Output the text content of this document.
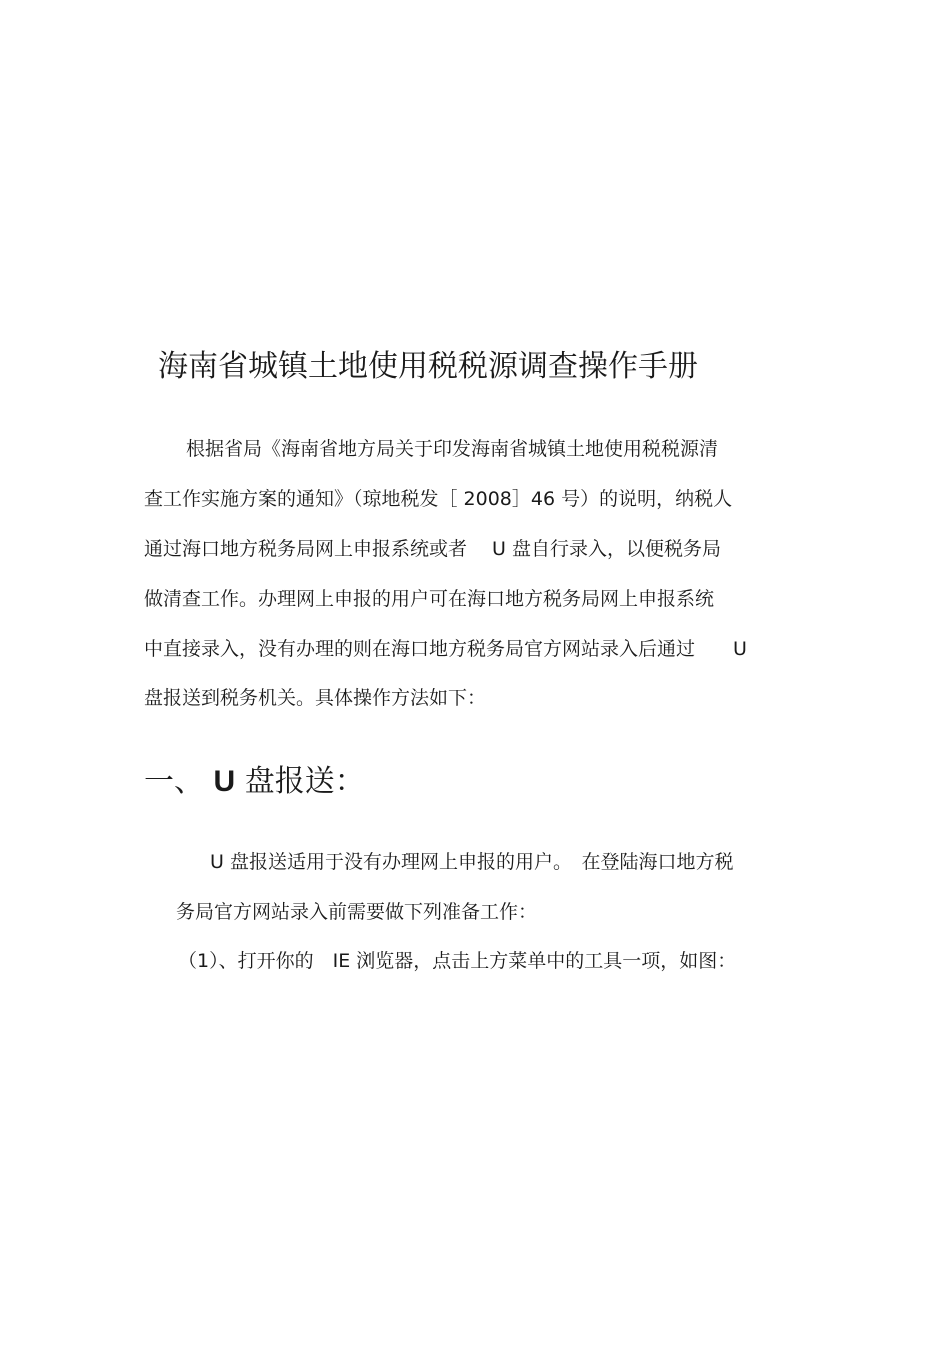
海南省城镇土地使用税税源调查操作手册
根据省局《海南省地方局关于印发海南省城镇土地使用税税源清
查工作实施方案的通知》（琼地税发［ 2008］46 号）的说明，纳税人
通过海口地方税务局网上申报系统或者　 U 盘自行录入，以便税务局
做清查工作。办理网上申报的用户可在海口地方税务局网上申报系统
中直接录入，没有办理的则在海口地方税务局官方网站录入后通过　　U
盘报送到税务机关。具体操作方法如下：
一、 U 盘报送：
U 盘报送适用于没有办理网上申报的用户。　在登陆海口地方税
务局官方网站录入前需要做下列准备工作：
（1）、打开你的　IE 浏览器，点击上方菜单中的工具一项，如图：
